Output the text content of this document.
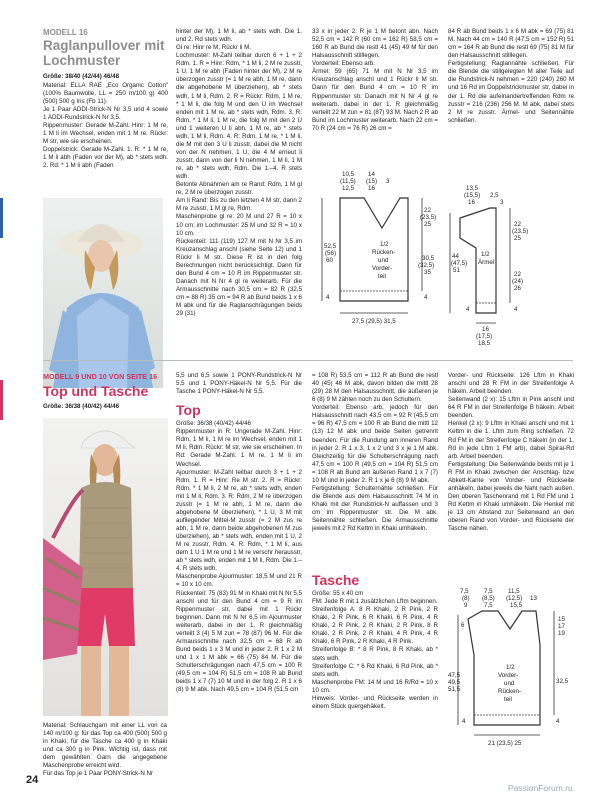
MODELL 16
Raglanpullover mit Lochmuster
Größe: 38/40 (42/44) 46/48
Material: ELLA RAE „Eco Organic Cotton“ (100% Baumwolle, LL = 250 m/100 g) 400 (500) 500 g Iris (Fb 11).
Je 1 Paar ADDI-Strick-N Nr 3,5 und 4 sowie 1 ADDI-Rundstrick-N Nr 3,5.
Rippenmuster: Gerade M-Zahl. Hinr: 1 M re, 1 M li im Wechsel, enden mit 1 M re. Rückr: M str, wie sie erscheinen.
Doppelstrick: Gerade M-Zahl. 1. R: * 1 M re, 1 M li abh (Faden vor der M), ab * stets wdh. 2. Rd: * 1 M li abh (Faden
hinter der M), 1 M li, ab * stets wdh. Die 1. und 2. Rd stets wdh.
Gl re: Hinr re M, Rückr li M.
Lochmuster: M-Zahl teilbar durch 6 + 1 + 2 Rdm. 1. R = Hinr: Rdm, * 1 M li, 2 M re zusstr, 1 U, 1 M re abh (Faden hinter der M), 2 M re überzogen zusstr (= 1 M re abh, 1 M re, dann die abgehobene M überziehen), ab * stets wdh, 1 M li, Rdm. 2. R = Rückr: Rdm, 1 M re, * 1 M li, die folg M und den U im Wechsel enden mit 1 M re, ab * stets wdh, Rdm. 3. R: Rdm, * 1 M li, 1 M re, die folg M mit den 2 U und 1 weiteren U li abh, 1 M re, ab * stets wdh, 1 M li, Rdm. 4. R: Rdm, 1 M re, * 1 M li, die M mit den 3 U li zusstr, dabei die M nicht von der N nehmen, 1 U, die 4 M erneut li zusstr, dann von der li N nehmen, 1 M li, 1 M re, ab * stets wdh, Rdm. Die 1.–4. R stets wdh.
Betonte Abnahmen am re Rand: Rdm, 1 M gl re, 2 M re überzogen zusstr.
Am li Rand: Bis zu den letzten 4 M str, dann 2 M re zusstr, 1 M gl re, Rdm.
Maschenprobe gl re: 20 M und 27 R = 10 x 10 cm; im Lochmuster: 25 M und 32 R = 10 x 10 cm.
Rückenteil: 111 (119) 127 M mit N Nr 3,5 im Kreuzanschlag anschl (siehe Seite 12) und 1 Rückr li M str. Diese R ist in den folg Berechnungen nicht berücksichtigt. Dann für den Bund 4 cm = 10 R im Rippenmuster str. Danach mit N Nr 4 gl re weiterarb. Für die Armausschnitte nach 30,5 cm = 82 R (32,5 cm = 88 R) 35 cm = 94 R ab Bund beids 1 x 6 M abk und für die Raglanschrägungen beids 29 (31)
33 x in jeder 2. R je 1 M betont abn. Nach 52,5 cm = 142 R (60 cm = 162 R) 58,5 cm = 160 R ab Bund die restl 41 (45) 49 M für den Halsausschnitt stilllegen.
Vorderteil: Ebenso arb.
Ärmel: 59 (65) 71 M mit N Nr 3,5 im Kreuzanschlag anschl und 1 Rückr li M str. Dann für den Bund 4 cm = 10 R im Rippenmuster str. Danach mit N Nr 4 gl re weiterarb, dabei in der 1. R gleichmäßig verteilt 22 M zun = 81 (87) 93 M. Nach 2 R ab Bund im Lochmuster weiterarb. Nach 22 cm = 70 R (24 cm = 76 R) 26 cm =
84 R ab Bund beids 1 x 6 M abk = 69 (75) 81 M. Nach 44 cm = 140 R (47,5 cm = 152 R) 51 cm = 164 R ab Bund die restl 69 (75) 81 M für den Halsausschnitt stilllegen.
Fertigstellung: Raglannähte schließen. Für die Blende die stillgelegten M aller Teile auf die Rundstrick-N nehmen = 220 (240) 260 M und 16 Rd im Doppelstrickmuster str, dabei in der 1. Rd die aufeinandertreffenden Rdm re zusstr = 216 (236) 256 M. M abk, dabei stets 2 M re zusstr. Ärmel- und Seitennähte schließen.
10,5
(11,5)
12,5
14
(15)
16
3
22
(23,5)
25
30,5
(32,5)
35
52,5
(56)
60
1/2
Rücken-
und
Vorder-
teil
4	4
27,5 (29,5) 31,5
13,5
(15,5)
16
2,5
3
22
(23,5)
25
22
(24)
26
44
(47,5)
51
1/2
Ärmel
4	4
16
(17,5)
18,5
MODELL 9 UND 10 VON SEITE 16
Top und Tasche
Größe: 36/38 (40/42) 44/46
Material: Schlauchgarn mit einer LL von ca 140 m/100 g: für das Top ca 400 (500) 500 g in Khaki; für die Tasche ca 400 g in Khaki und ca 300 g in Pink. Wichtig ist, dass mit dem gewählten Garn die angegebene Maschenprobe erreicht wird.
Für das Top je 1 Paar PONY-Strick-N Nr
5,5 und 6,5 sowie 1 PONY-Rundstrick-N Nr 5,5 und 1 PONY-Häkel-N Nr 5,5. Für die Tasche 1 PONY-Häkel-N Nr 5,5.
Top
Größe: 36/38 (40/42) 44/46
Rippenmuster in R: Ungerade M-Zahl. Hinr: Rdm, 1 M li, 1 M re im Wechsel, enden mit 1 M li, Rdm. Rückr: M str, wie sie erscheinen. In Rd: Gerade M-Zahl. 1 M re, 1 M li im Wechsel.
Ajourmuster: M-Zahl teilbar durch 3 + 1 + 2 Rdm. 1. R = Hinr: Re M str. 2. R = Rückr: Rdm, * 1 M li, 2 M re, ab * stets wdh, enden mit 1 M li, Rdm. 3. R: Rdm, 2 M re überzogen zusstr (= 1 M re abh, 1 M re, dann die abgehobene M überziehen), * 1 U, 3 M mit aufliegender Mittel-M zusstr (= 2 M zus re abh, 1 M re, dann beide abgehobenen M zus überziehen), ab * stets wdh, enden mit 1 U, 2 M re zusstr, Rdm. 4. R: Rdm, * 1 M li, aus dem 1 U 1 M re und 1 M re verschr herausstr, ab * stets wdh, enden mit 1 M li, Rdm. Die 1.–4. R stets wdh.
Maschenprobe Ajourmuster: 18,5 M und 21 R = 10 x 10 cm.
Rückenteil: 75 (83) 91 M in Khaki mit N Nr 5,5 anschl und für den Bund 4 cm = 9 R im Rippenmuster str, dabei mit 1 Rückr beginnen. Dann mit N Nr 6,5 im Ajourmuster weiterarb, dabei in der 1. R gleichmäßig verteilt 3 (4) 5 M zun = 78 (87) 96 M. Für die Armausschnitte nach 32,5 cm = 68 R ab Bund beids 1 x 3 M und in jeder 2. R 1 x 2 M und 1 x 1 M abk = 66 (75) 84 M. Für die Schulterschrägungen nach 47,5 cm = 100 R (49,5 cm = 104 R) 51,5 cm = 108 R ab Bund beids 1 x 7 (7) 10 M und in der folg 2. R 1 x 6 (8) 9 M abk. Nach 49,5 cm = 104 R (51,5 cm
= 108 R) 53,5 cm = 112 R ab Bund die restl 40 (45) 46 M abk, davon bilden die mittl 28 (29) 28 M den Halsausschnitt, die äußeren je 6 (8) 9 M zählen noch zu den Schultern.
Vorderteil: Ebenso arb, jedoch für den Halsausschnitt nach 43,5 cm = 92 R (45,5 cm = 96 R) 47,5 cm = 100 R ab Bund die mittl 12 (13) 12 M abk und beide Seiten getrennt beenden. Für die Rundung am inneren Rand in jeder 2. R 1 x 3, 1 x 2 und 3 x je 1 M abk. Gleichzeitig für die Schulterschrägung nach 47,5 cm = 100 R (49,5 cm = 104 R) 51,5 cm = 108 R ab Bund am äußeren Rand 1 x 7 (7) 10 M und in jeder 2. R 1 x je 6 (8) 9 M abk.
Fertigstellung: Schulternähte schließen. Für die Blende aus dem Halsausschnitt 74 M in Khaki mit der Rundstrick-N auffassen und 3 cm im Rippenmuster str. Die M abk. Seitennähte schließen. Die Armausschnitte jeweils mit 2 Rd Kettm in Khaki umhäkeln.
Tasche
Größe: 55 x 40 cm
FM: Jede R mit 1 zusätzlichen Lftm beginnen.
Streifenfolge A: 8 R Khaki, 2 R Pink, 2 R Khaki, 2 R Pink, 6 R Khaki, 6 R Pink, 4 R Khaki, 2 R Pink, 2 R Khaki, 2 R Pink, 8 R Khaki, 2 R Pink, 2 R Khaki, 4 R Pink, 4 R Khaki, 6 R Pink, 2 R Khaki, 4 R Pink.
Streifenfolge B: * 8 R Pink, 8 R Khaki, ab * stets wdh.
Streifenfolge C: * 6 Rd Khaki, 6 Rd Pink, ab * stets wdh.
Maschenprobe FM: 14 M und 16 R/Rd = 10 x 10 cm.
Hinweis: Vorder- und Rückseite werden in einem Stück quergehäkelt.
Vorder- und Rückseite: 126 Lftm in Khaki anschl und 28 R FM in der Streifenfolge A häkeln. Arbeit beenden.
Seitenwand (2 x): 15 Lftm in Pink anschl und 64 R FM in der Streifenfolge B häkeln. Arbeit beenden.
Henkel (2 x): 9 Lftm in Khaki anschl und mit 1 Kettm in die 1. Lftm zum Ring schließen. 72 Rd FM in der Streifenfolge C häkeln (in der 1. Rd in jede Lftm 1 FM arb), dabei Spiral-Rd arb. Arbeit beenden.
Fertigstellung: Die Seitenwände beids mit je 1 R FM in Khaki zwischen der Anschlag- bzw Abkett-Kante von Vorder- und Rückseite anhäkeln, dabei jeweils die Naht nach außen. Den oberen Taschenrand mit 1 Rd FM und 1 Rd Kettm in Khaki umhäkeln. Die Henkel mit je 13 cm Abstand zur Seitenwand an den oberen Rand von Vorder- und Rückseite der Tasche nähen.
7,5
(8)
9
7,5
(8,5)
7,5
11,5
(12,5)
15,5
13
15
17
19
32,5
6
47,5
49,5
51,5
1/2
Vorder-
und
Rücken-
teil
4	4
21 (23,5) 25
24
PassionForum.ru
